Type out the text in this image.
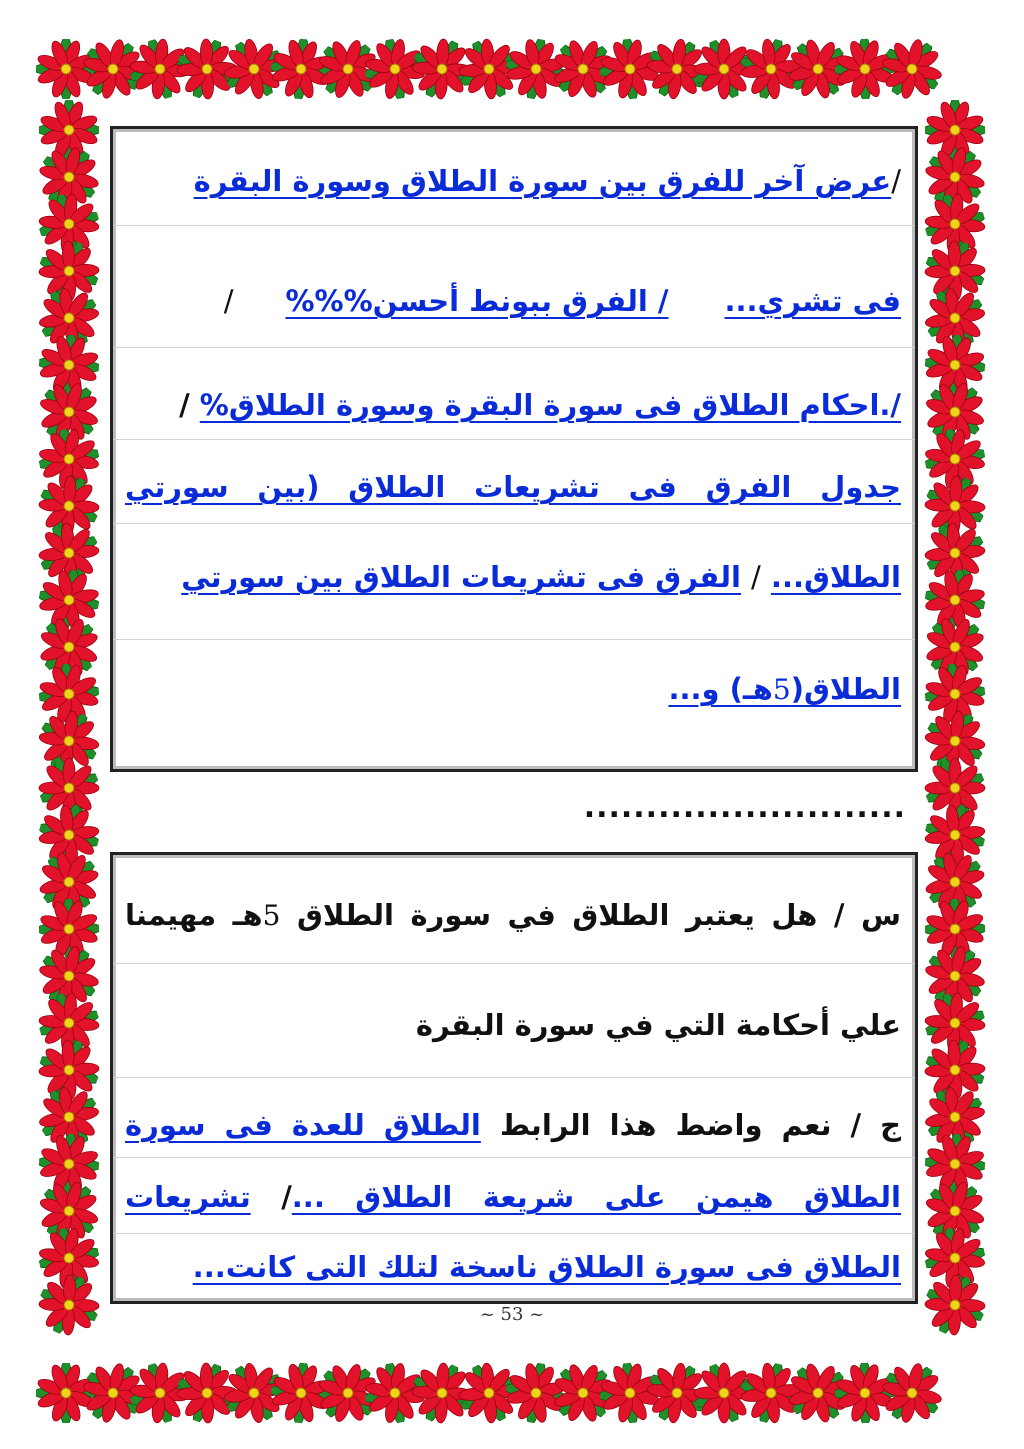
/عرض آخر للفرق بين سورة الطلاق وسورة البقرة
فى تشري.../ الفرق ببونط أحسن%%%/
/.احكام الطلاق فى سورة البقرة وسورة الطلاق% /
جدول الفرق فى تشريعات الطلاق (بين سورتي
الطلاق... / الفرق فى تشريعات الطلاق بين سورتي
الطلاق(5هـ) و...
..........................
س / هل يعتبر الطلاق في سورة الطلاق 5هـ مهيمنا
علي أحكامة التي في سورة البقرة
ج / نعم واضط هذا الرابط الطلاق للعدة فى سورة
الطلاق هيمن على شريعة الطلاق .../ تشريعات
الطلاق فى سورة الطلاق ناسخة لتلك التى كانت...
~ 53 ~
